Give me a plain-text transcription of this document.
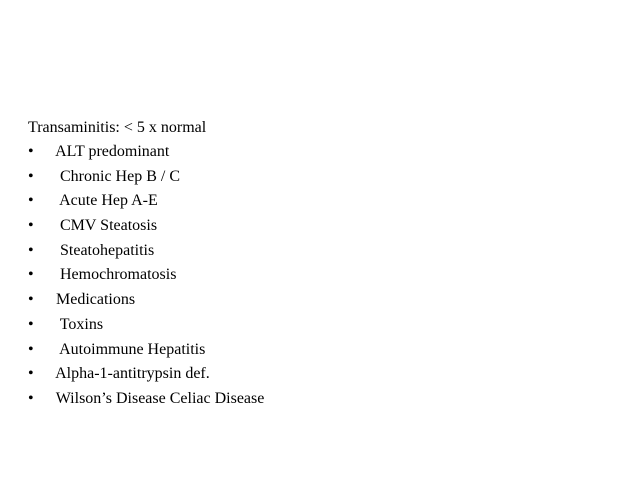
Transaminitis: < 5 x normal
• ALT predominant
•  Chronic Hep B / C
•  Acute Hep A-E
•  CMV Steatosis
•  Steatohepatitis
•  Hemochromatosis
• Medications
•  Toxins
•  Autoimmune Hepatitis
• Alpha-1-antitrypsin def.
• Wilson’s Disease Celiac Disease
